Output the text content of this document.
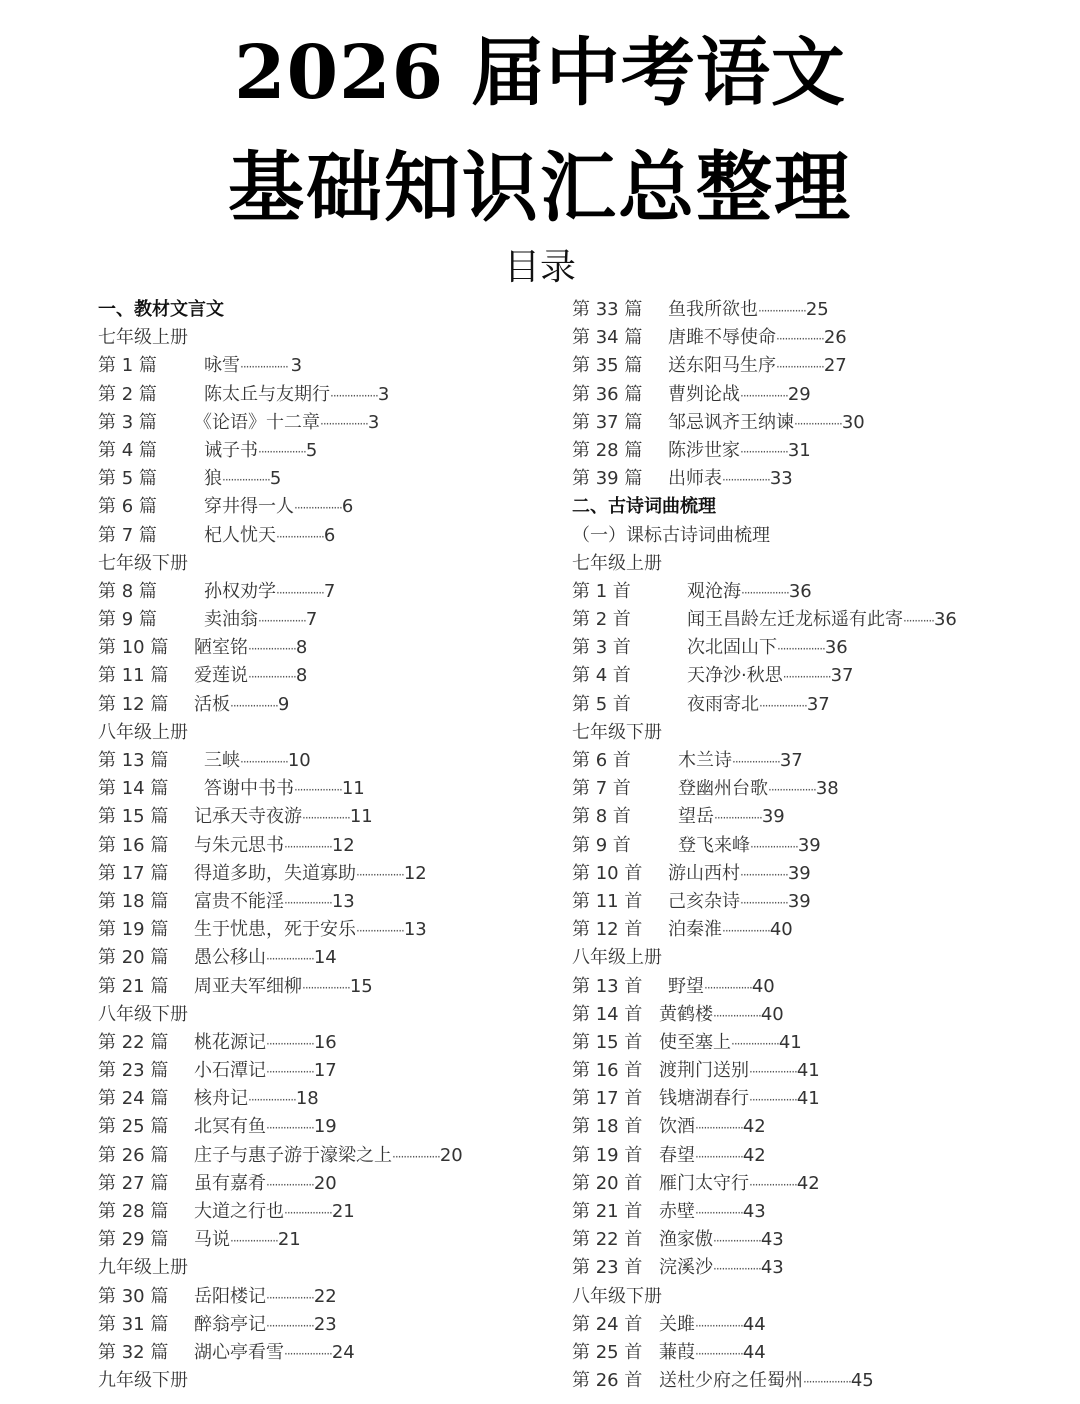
2026 届中考语文
基础知识汇总整理
目录
一、教材文言文
七年级上册
第 1 篇	咏雪················· 3
第 2 篇	陈太丘与友期行·················3
第 3 篇 《论语》十二章·················3
第 4 篇	诫子书·················5
第 5 篇	狼·················5
第 6 篇	穿井得一人·················6
第 7 篇	杞人忧天·················6
七年级下册
第 8 篇	孙权劝学·················7
第 9 篇	卖油翁·················7
第 10 篇 陋室铭·················8
第 11 篇 爱莲说·················8
第 12 篇 活板·················9
八年级上册
第 13 篇 三峡·················10
第 14 篇 答谢中书书·················11
第 15 篇 记承天寺夜游·················11
第 16 篇 与朱元思书·················12
第 17 篇 得道多助，失道寡助·················12
第 18 篇 富贵不能淫·················13
第 19 篇 生于忧患，死于安乐·················13
第 20 篇 愚公移山·················14
第 21 篇 周亚夫军细柳·················15
八年级下册
第 22 篇 桃花源记·················16
第 23 篇 小石潭记·················17
第 24 篇 核舟记·················18
第 25 篇 北冥有鱼·················19
第 26 篇 庄子与惠子游于濠梁之上·················20
第 27 篇 虽有嘉肴·················20
第 28 篇 大道之行也·················21
第 29 篇 马说·················21
九年级上册
第 30 篇 岳阳楼记·················22
第 31 篇 醉翁亭记·················23
第 32 篇 湖心亭看雪·················24
九年级下册
第 33 篇 鱼我所欲也·················25
第 34 篇 唐雎不辱使命·················26
第 35 篇 送东阳马生序·················27
第 36 篇 曹刿论战·················29
第 37 篇 邹忌讽齐王纳谏·················30
第 28 篇 陈涉世家·················31
第 39 篇 出师表·················33
二、古诗词曲梳理
（一）课标古诗词曲梳理
七年级上册
第 1 首	观沧海·················36
第 2 首	闻王昌龄左迁龙标遥有此寄···········36
第 3 首	次北固山下·················36
第 4 首	天净沙·秋思·················37
第 5 首	夜雨寄北·················37
七年级下册
第 6 首	木兰诗·················37
第 7 首	登幽州台歌·················38
第 8 首	望岳·················39
第 9 首	登飞来峰·················39
第 10 首 游山西村·················39
第 11 首 己亥杂诗·················39
第 12 首 泊秦淮·················40
八年级上册
第 13 首 野望·················40
第 14 首 黄鹤楼·················40
第 15 首 使至塞上·················41
第 16 首 渡荆门送别·················41
第 17 首 钱塘湖春行·················41
第 18 首 饮酒·················42
第 19 首 春望·················42
第 20 首 雁门太守行·················42
第 21 首 赤壁·················43
第 22 首 渔家傲·················43
第 23 首 浣溪沙·················43
八年级下册
第 24 首 关雎·················44
第 25 首 蒹葭·················44
第 26 首 送杜少府之任蜀州·················45
